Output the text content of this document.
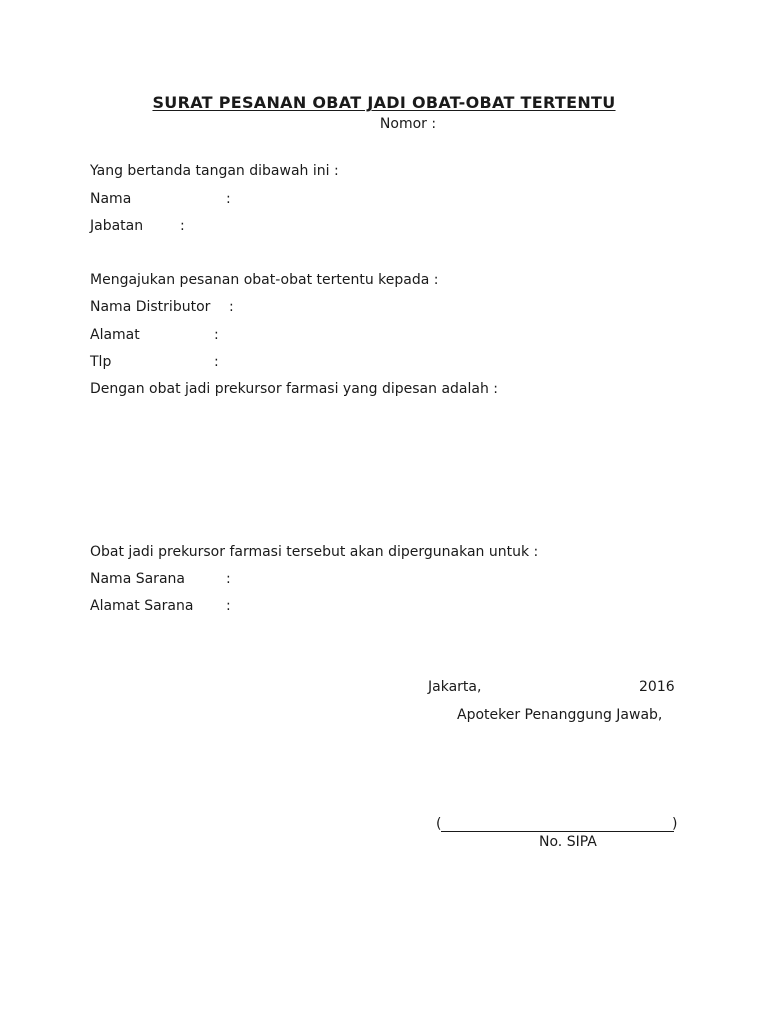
SURAT PESANAN OBAT JADI OBAT-OBAT TERTENTU
Nomor :
Yang bertanda tangan dibawah ini :
Nama	:
Jabatan	:
Mengajukan pesanan obat-obat tertentu kepada :
Nama Distributor :
Alamat	:
Tlp	:
Dengan obat jadi prekursor farmasi yang dipesan adalah :
Obat jadi prekursor farmasi tersebut akan dipergunakan untuk :
Nama Sarana	:
Alamat Sarana :
Jakarta,	2016
Apoteker Penanggung Jawab,
(	)
No. SIPA
